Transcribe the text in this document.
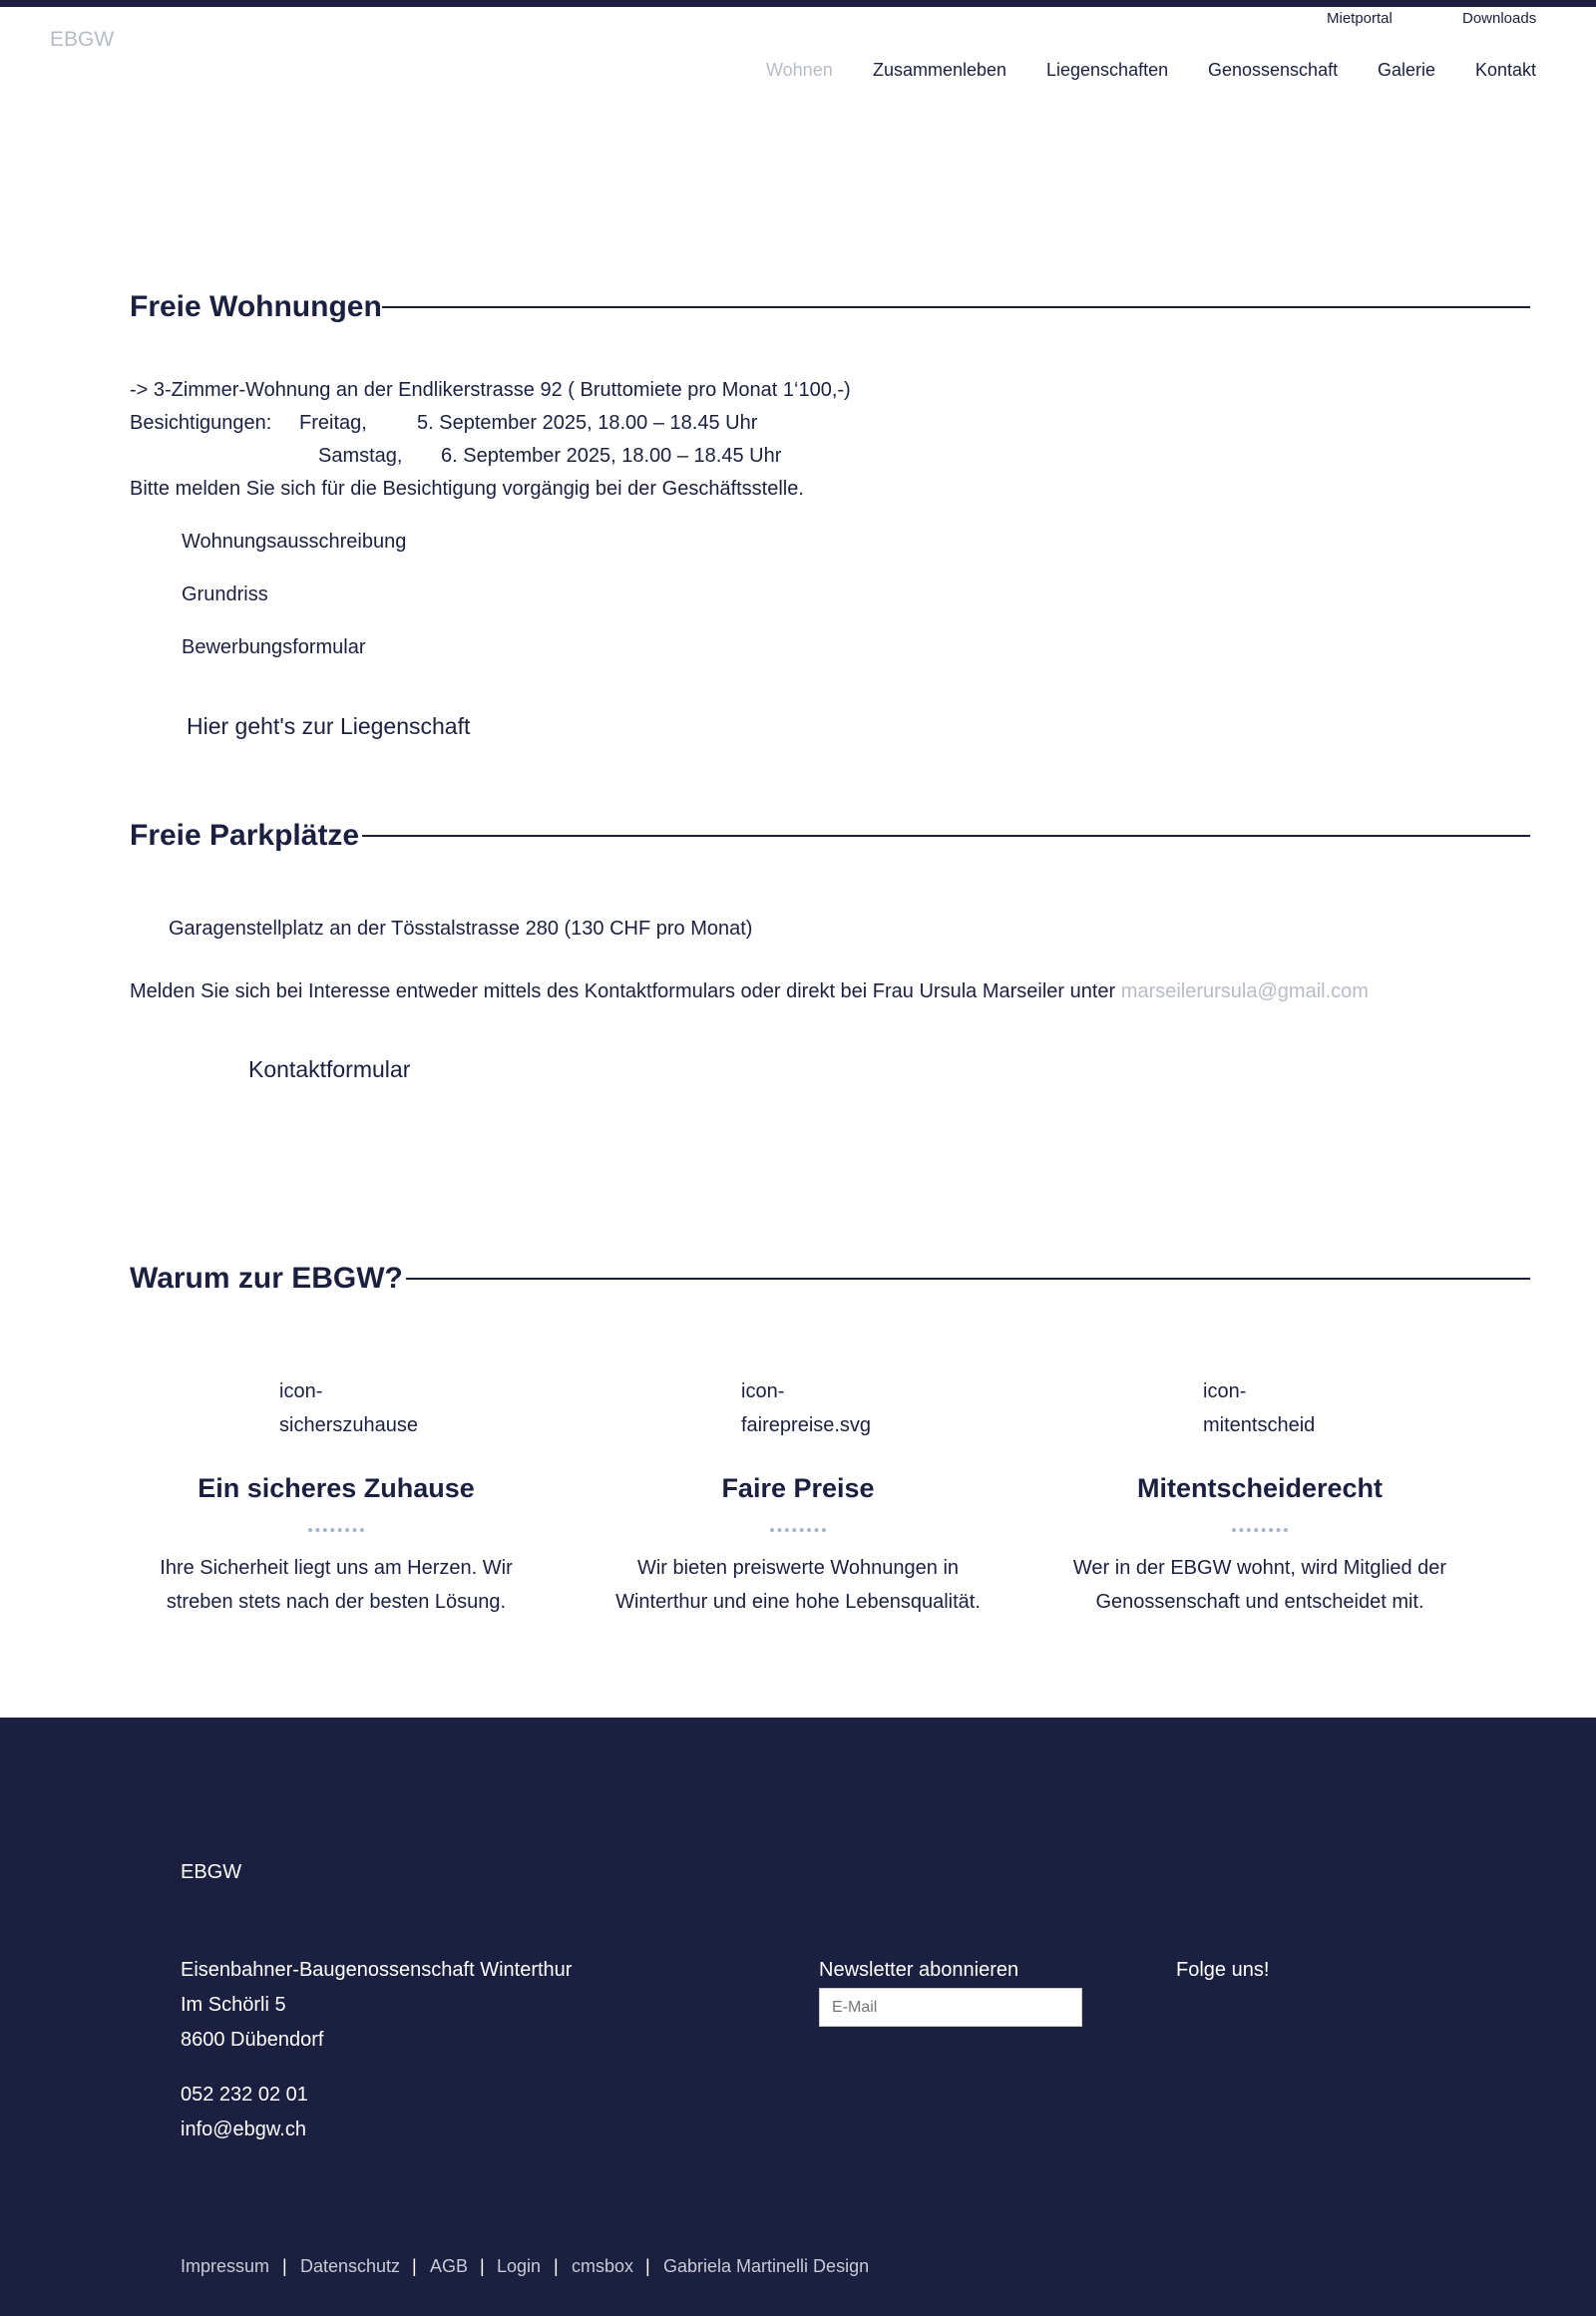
EBGW
Mietportal	Downloads
Wohnen Zusammenleben Liegenschaften Genossenschaft Galerie Kontakt
Freie Wohnungen

-> 3-Zimmer-Wohnung an der Endlikerstrasse 92 ( Bruttomiete pro Monat 1‘100,-)

Besichtigungen: Freitag,	5. September 2025, 18.00 – 18.45 Uhr

Samstag, 6. September 2025, 18.00 – 18.45 Uhr

Bitte melden Sie sich für die Besichtigung vorgängig bei der Geschäftsstelle.

Wohnungsausschreibung
Grundriss
Bewerbungsformular
Hier geht's zur Liegenschaft
Freie Parkplätze

Garagenstellplatz an der Tösstalstrasse 280 (130 CHF pro Monat)

Melden Sie sich bei Interesse entweder mittels des Kontaktformulars oder direkt bei Frau Ursula Marseiler unter marseilerursula@gmail.com

Kontaktformular
Warum zur EBGW?
icon-sicherszuhause
Ein sicheres Zuhause

Ihre Sicherheit liegt uns am Herzen. Wir

streben stets nach der besten Lösung.

icon-fairepreise.svg
Faire Preise

Wir bieten preiswerte Wohnungen in

Winterthur und eine hohe Lebensqualität.

icon-mitentscheid
Mitentscheiderecht

Wer in der EBGW wohnt, wird Mitglied der

Genossenschaft und entscheidet mit.

EBGW

Eisenbahner-Baugenossenschaft Winterthur

Im Schörli 5

8600 Dübendorf

052 232 02 01
info@ebgw.ch

Newsletter abonnieren

E-Mail	Folge uns!

Impressum | Datenschutz | AGB | Login | cmsbox | Gabriela Martinelli Design
